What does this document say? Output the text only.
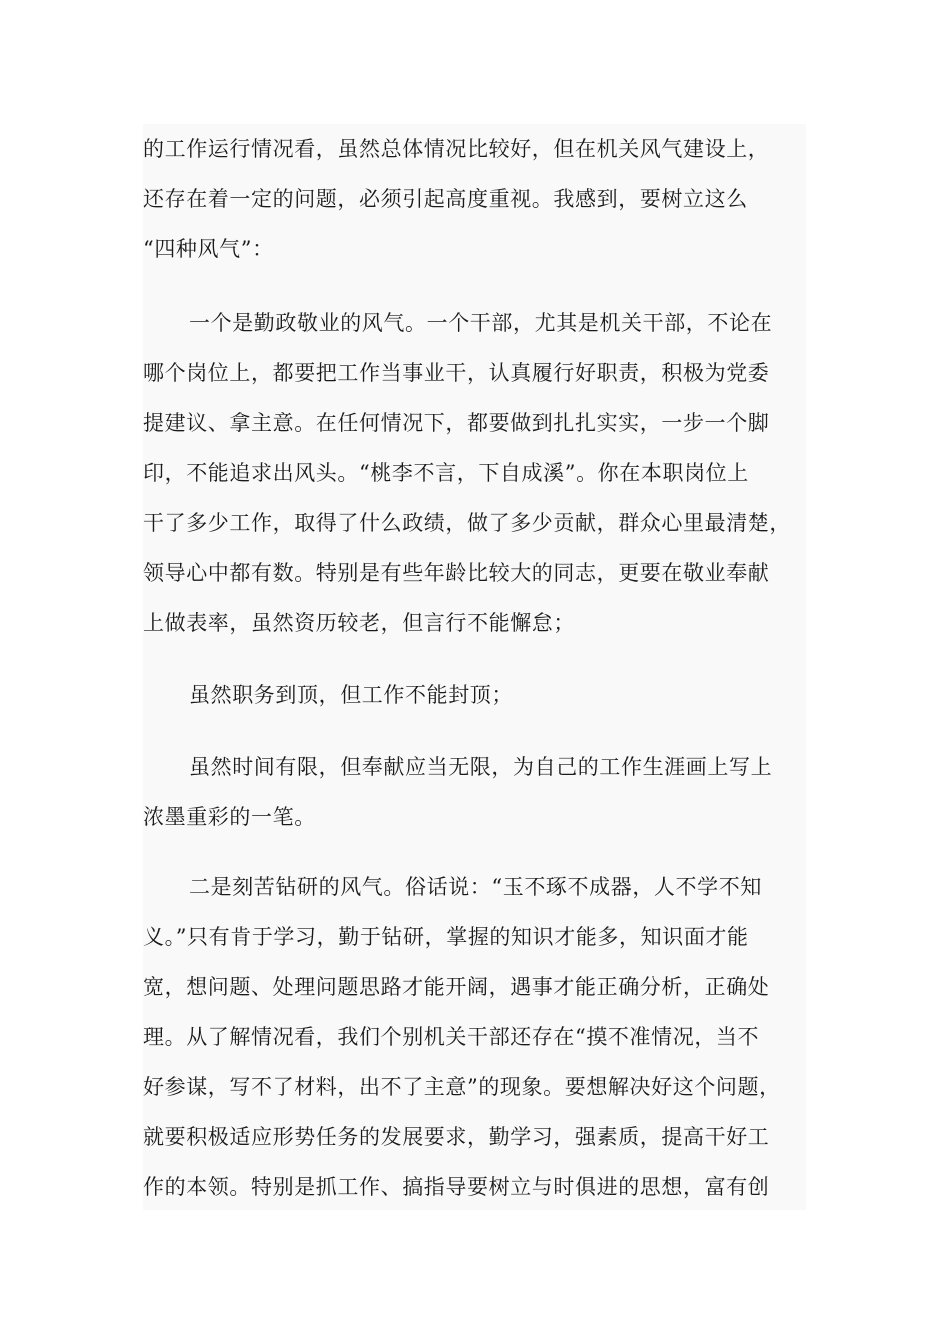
的工作运行情况看，虽然总体情况比较好，但在机关风气建设上，
还存在着一定的问题，必须引起高度重视。我感到，要树立这么
“四种风气”：

一个是勤政敬业的风气。一个干部，尤其是机关干部，不论在
哪个岗位上，都要把工作当事业干，认真履行好职责，积极为党委
提建议、拿主意。在任何情况下，都要做到扎扎实实，一步一个脚
印，不能追求出风头。“桃李不言，下自成溪”。你在本职岗位上
干了多少工作，取得了什么政绩，做了多少贡献，群众心里最清楚，
领导心中都有数。特别是有些年龄比较大的同志，更要在敬业奉献
上做表率，虽然资历较老，但言行不能懈怠；

虽然职务到顶，但工作不能封顶；

虽然时间有限，但奉献应当无限，为自己的工作生涯画上写上
浓墨重彩的一笔。

二是刻苦钻研的风气。俗话说：“玉不琢不成器，人不学不知
义。”只有肯于学习，勤于钻研，掌握的知识才能多，知识面才能
宽，想问题、处理问题思路才能开阔，遇事才能正确分析，正确处
理。从了解情况看，我们个别机关干部还存在“摸不准情况，当不
好参谋，写不了材料，出不了主意”的现象。要想解决好这个问题，
就要积极适应形势任务的发展要求，勤学习，强素质，提高干好工
作的本领。特别是抓工作、搞指导要树立与时俱进的思想，富有创
